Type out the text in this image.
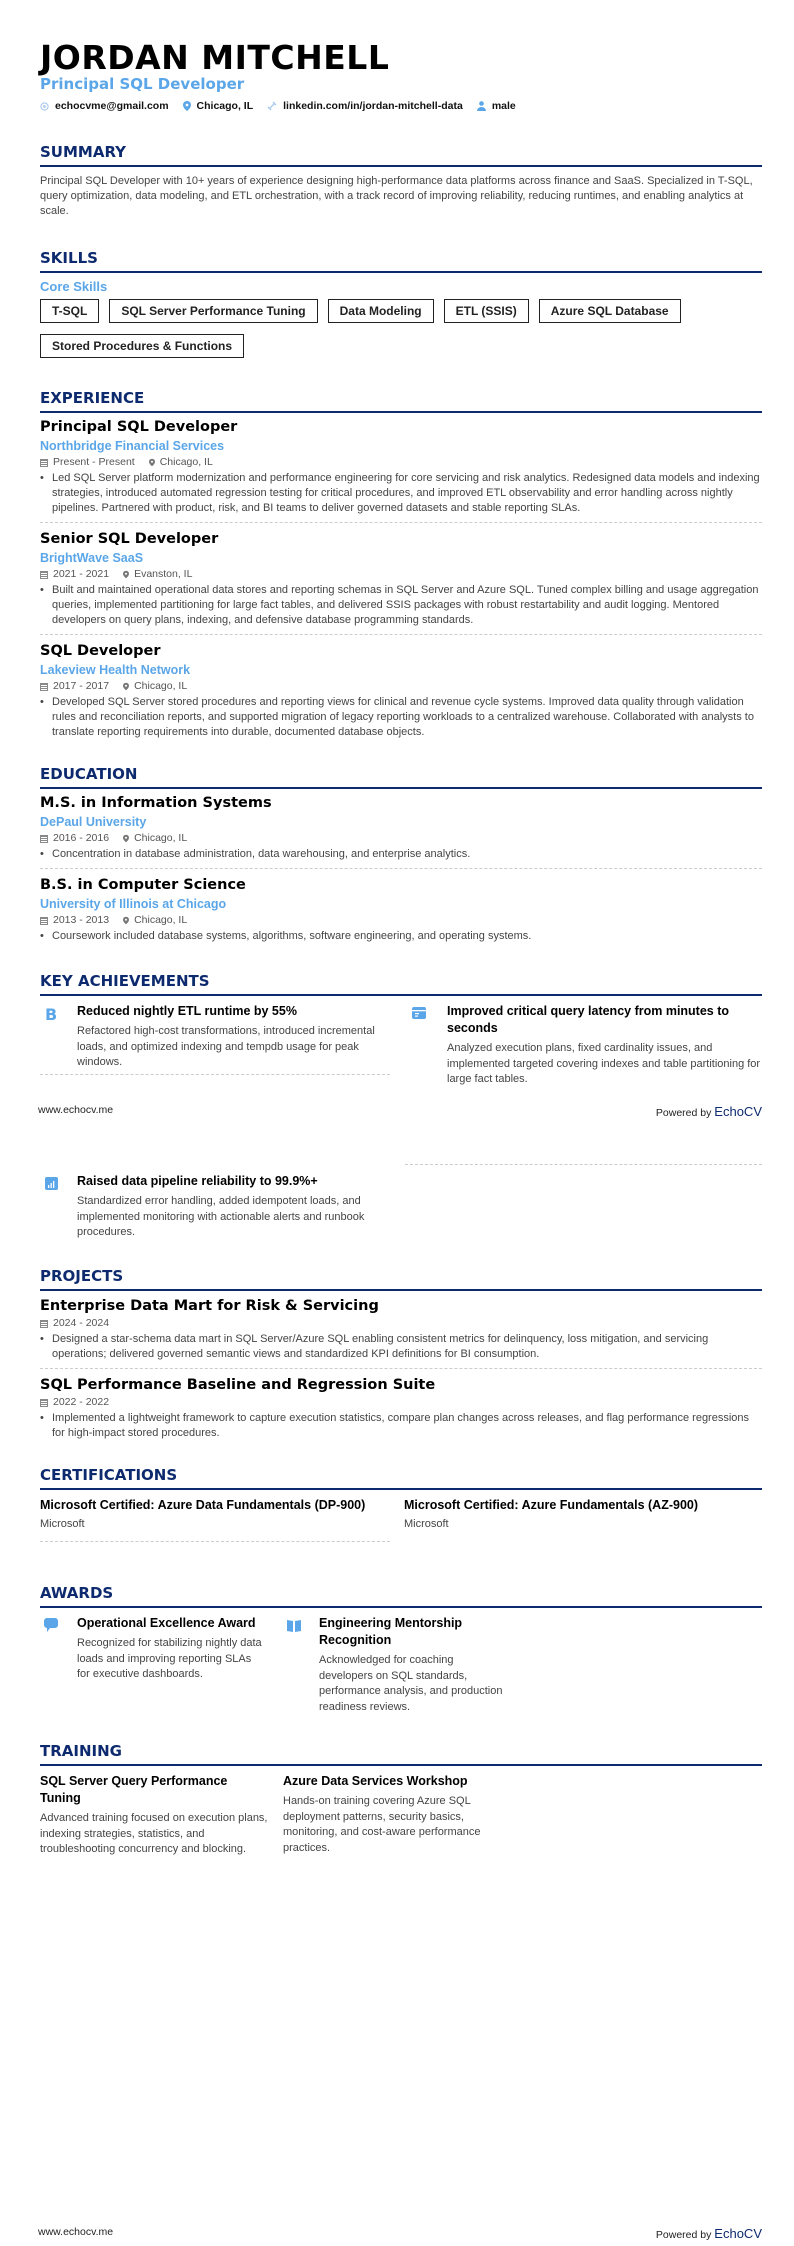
JORDAN MITCHELL
Principal SQL Developer
echocvme@gmail.com	Chicago, IL	linkedin.com/in/jordan-mitchell-data	male
SUMMARY
Principal SQL Developer with 10+ years of experience designing high-performance data platforms across finance and SaaS. Specialized in T-SQL, query optimization, data modeling, and ETL orchestration, with a track record of improving reliability, reducing runtimes, and enabling analytics at scale.
SKILLS
Core Skills
T-SQL	SQL Server Performance Tuning	Data Modeling	ETL (SSIS)	Azure SQL Database
Stored Procedures & Functions
EXPERIENCE
Principal SQL Developer
Northbridge Financial Services
Present - Present Chicago, IL
• Led SQL Server platform modernization and performance engineering for core servicing and risk analytics. Redesigned data models and indexing strategies, introduced automated regression testing for critical procedures, and improved ETL observability and error handling across nightly pipelines. Partnered with product, risk, and BI teams to deliver governed datasets and stable reporting SLAs.
Senior SQL Developer
BrightWave SaaS
2021 - 2021 Evanston, IL
• Built and maintained operational data stores and reporting schemas in SQL Server and Azure SQL. Tuned complex billing and usage aggregation queries, implemented partitioning for large fact tables, and delivered SSIS packages with robust restartability and audit logging. Mentored developers on query plans, indexing, and defensive database programming standards.
SQL Developer
Lakeview Health Network
2017 - 2017 Chicago, IL
• Developed SQL Server stored procedures and reporting views for clinical and revenue cycle systems. Improved data quality through validation rules and reconciliation reports, and supported migration of legacy reporting workloads to a centralized warehouse. Collaborated with analysts to translate reporting requirements into durable, documented database objects.
EDUCATION
M.S. in Information Systems
DePaul University
2016 - 2016 Chicago, IL
• Concentration in database administration, data warehousing, and enterprise analytics.
B.S. in Computer Science
University of Illinois at Chicago
2013 - 2013 Chicago, IL
• Coursework included database systems, algorithms, software engineering, and operating systems.
KEY ACHIEVEMENTS
B Reduced nightly ETL runtime by 55%
Refactored high-cost transformations, introduced incremental loads, and optimized indexing and tempdb usage for peak windows.
Improved critical query latency from minutes to seconds
Analyzed execution plans, fixed cardinality issues, and implemented targeted covering indexes and table partitioning for large fact tables.
www.echocv.me	Powered by EchoCV
Raised data pipeline reliability to 99.9%+
Standardized error handling, added idempotent loads, and implemented monitoring with actionable alerts and runbook procedures.
PROJECTS
Enterprise Data Mart for Risk & Servicing
2024 - 2024
• Designed a star-schema data mart in SQL Server/Azure SQL enabling consistent metrics for delinquency, loss mitigation, and servicing operations; delivered governed semantic views and standardized KPI definitions for BI consumption.
SQL Performance Baseline and Regression Suite
2022 - 2022
• Implemented a lightweight framework to capture execution statistics, compare plan changes across releases, and flag performance regressions for high-impact stored procedures.
CERTIFICATIONS
Microsoft Certified: Azure Data Fundamentals (DP-900)
Microsoft
Microsoft Certified: Azure Fundamentals (AZ-900)
Microsoft
AWARDS
Operational Excellence Award
Recognized for stabilizing nightly data loads and improving reporting SLAs for executive dashboards.
Engineering Mentorship Recognition
Acknowledged for coaching developers on SQL standards, performance analysis, and production readiness reviews.
TRAINING
SQL Server Query Performance Tuning
Advanced training focused on execution plans, indexing strategies, statistics, and troubleshooting concurrency and blocking.
Azure Data Services Workshop
Hands-on training covering Azure SQL deployment patterns, security basics, monitoring, and cost-aware performance practices.
www.echocv.me	Powered by EchoCV
